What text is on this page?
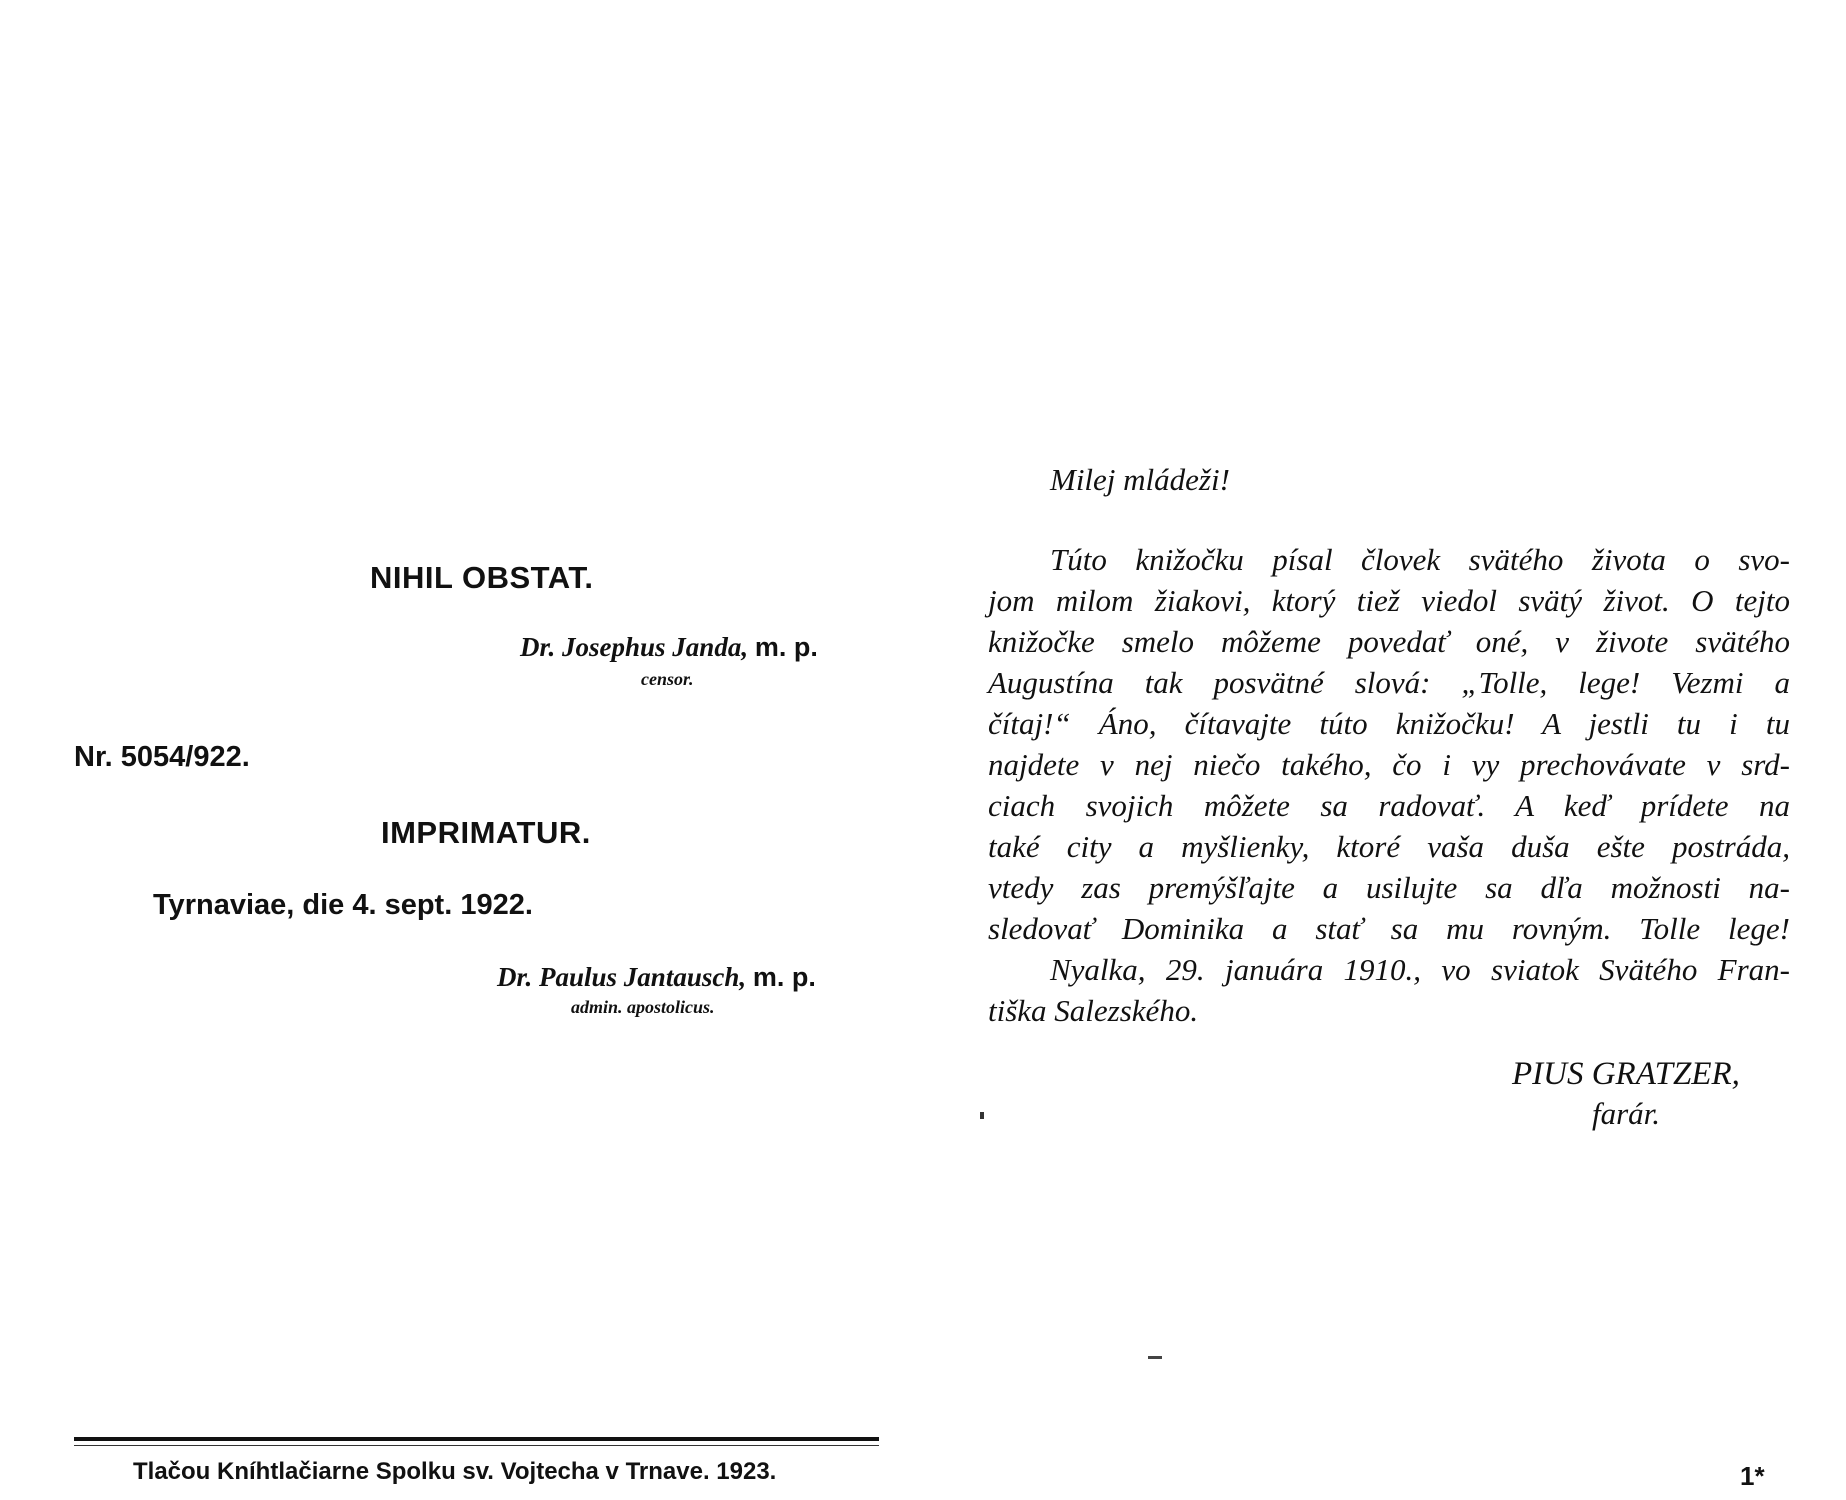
NIHIL OBSTAT.
Dr. Josephus Janda, m. p.
censor.
Nr. 5054/922.
IMPRIMATUR.
Tyrnaviae, die 4. sept. 1922.
Dr. Paulus Jantausch, m. p.
admin. apostolicus.
Tlačou Kníhtlačiarne Spolku sv. Vojtecha v Trnave. 1923.
Milej mládeži!
Túto knižočku písal človek svätého života o svo-
jom milom žiakovi, ktorý tiež viedol svätý život. O tejto
knižočke smelo môžeme povedať oné, v živote svätého
Augustína tak posvätné slová: „Tolle, lege! Vezmi a
čítaj!“ Áno, čítavajte túto knižočku! A jestli tu i tu
najdete v nej niečo takého, čo i vy prechovávate v srd-
ciach svojich môžete sa radovať. A keď prídete na
také city a myšlienky, ktoré vaša duša ešte postráda,
vtedy zas premýšľajte a usilujte sa dľa možnosti na-
sledovať Dominika a stať sa mu rovným. Tolle lege!
Nyalka, 29. januára 1910., vo sviatok Svätého Fran-
tiška Salezského.
PIUS GRATZER,
farár.
1*
